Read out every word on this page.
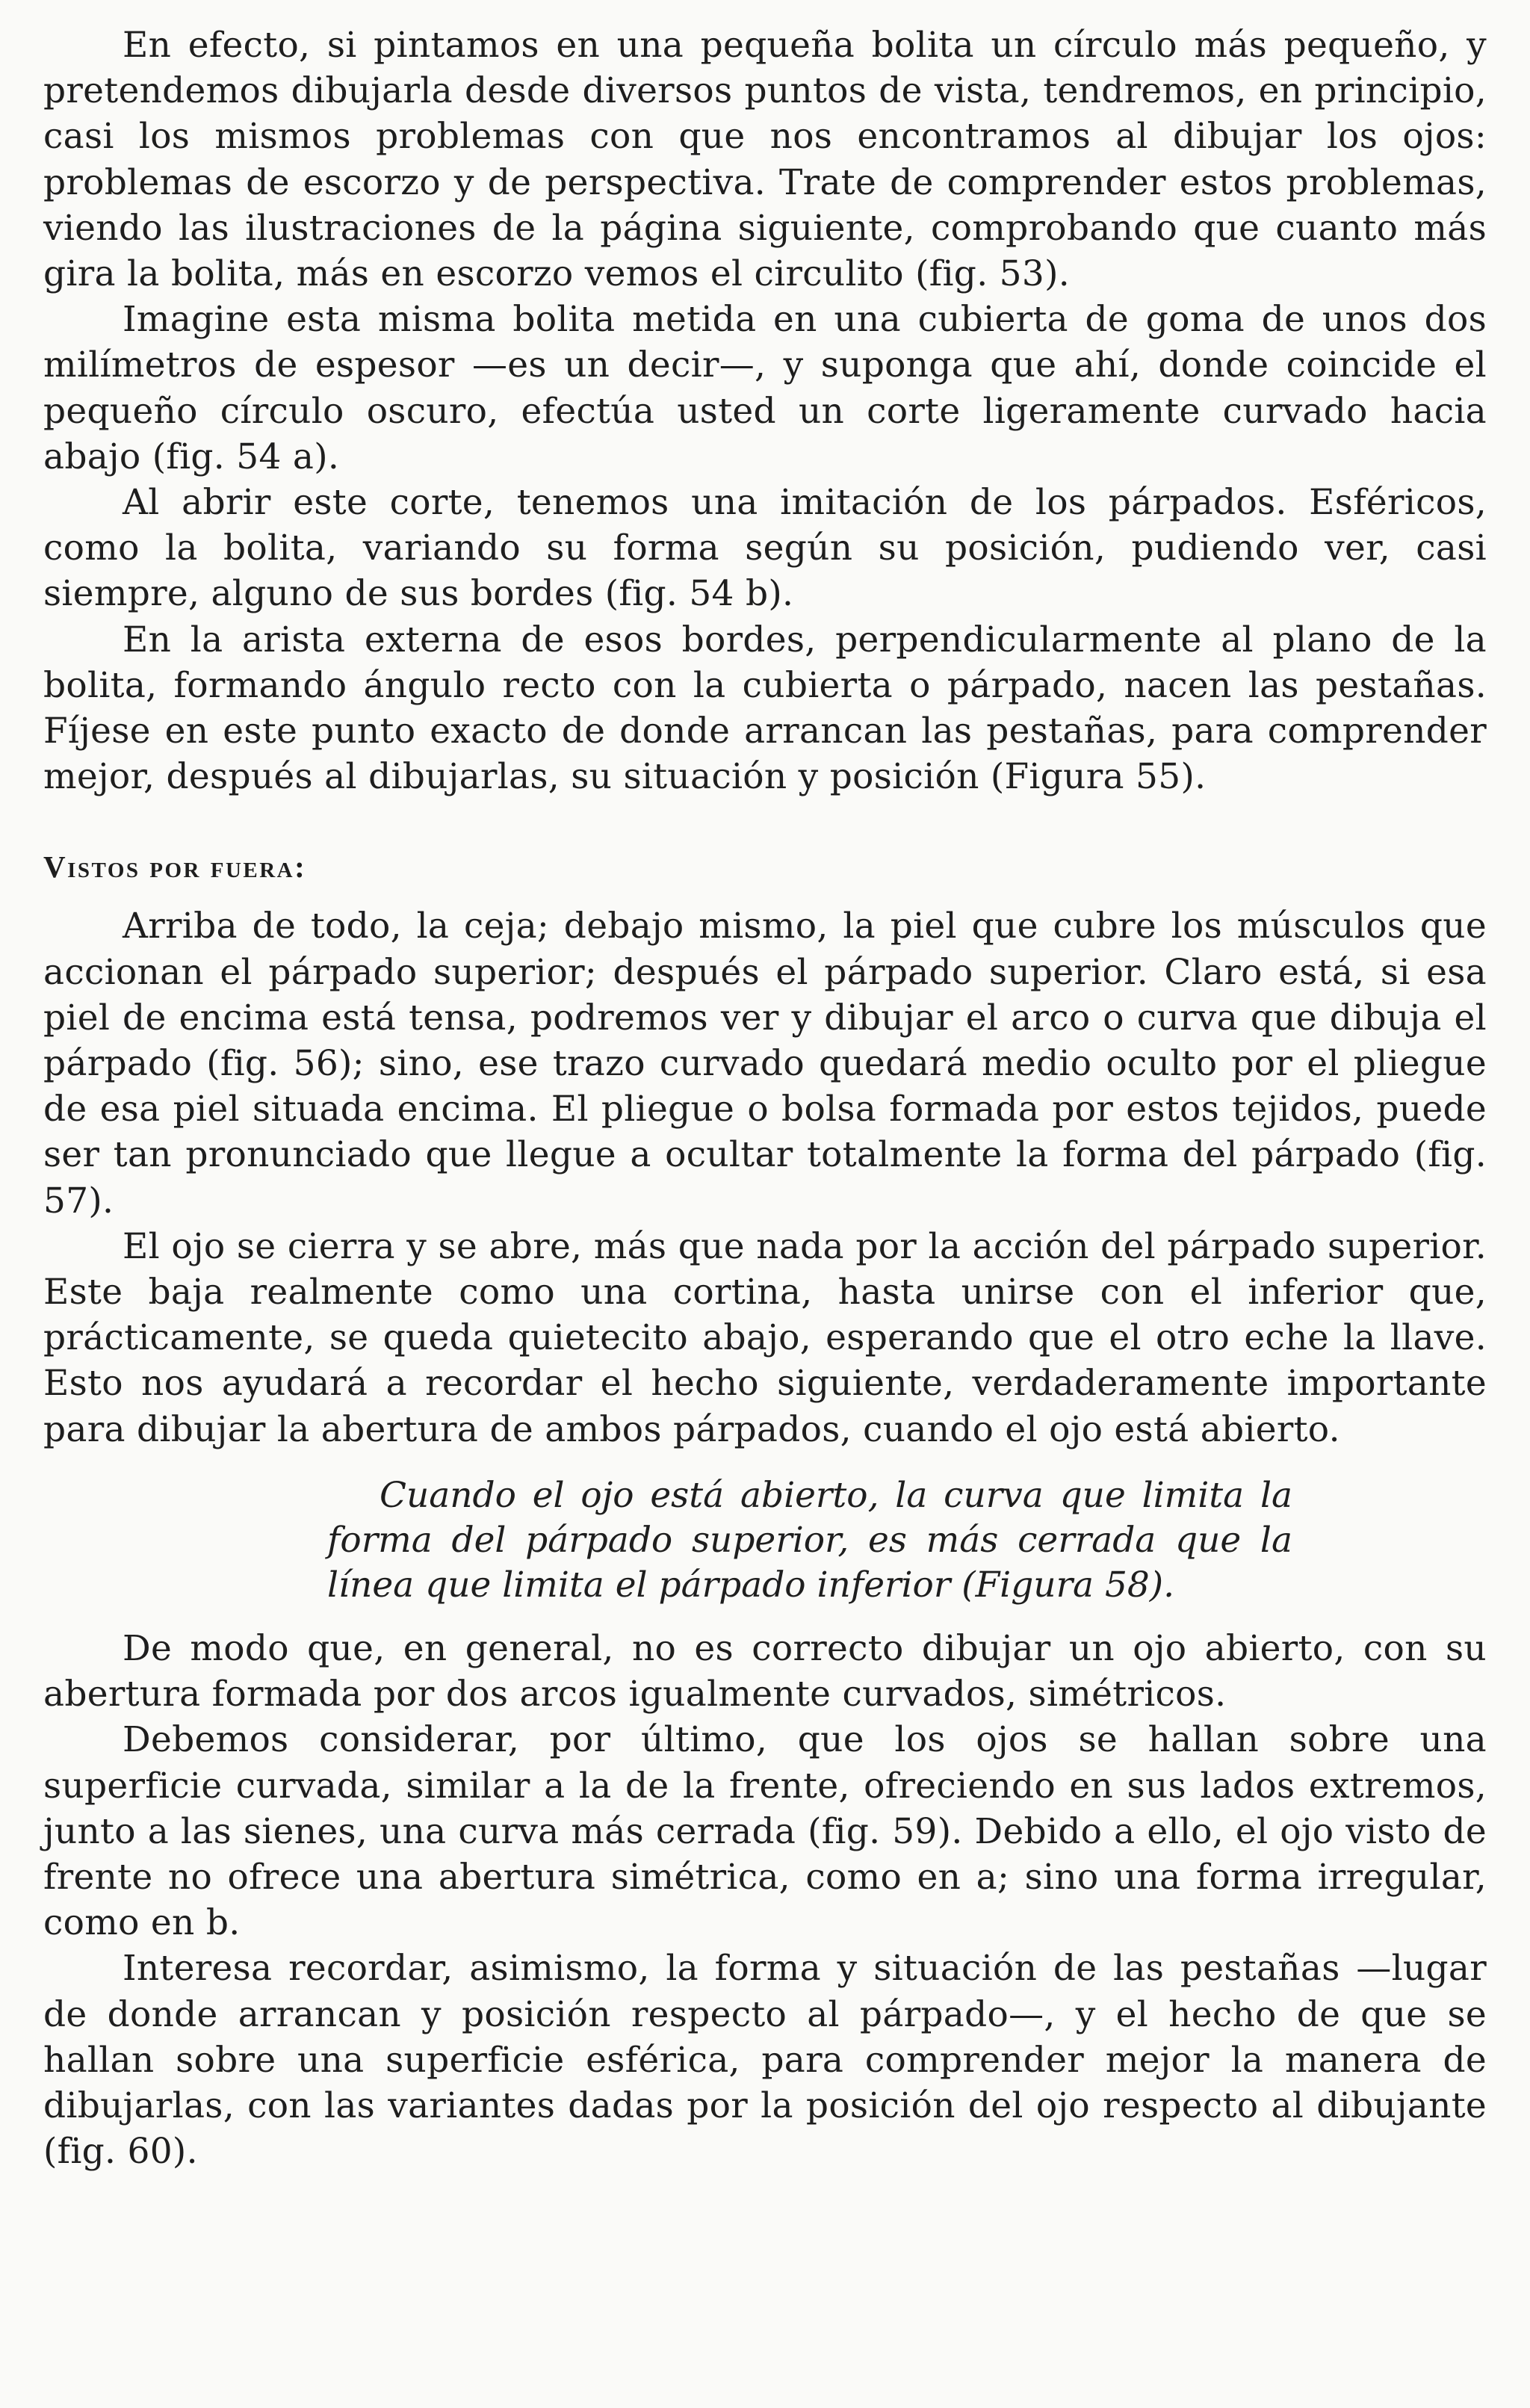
En efecto, si pintamos en una pequeña bolita un círculo más pequeño, y pretendemos dibujarla desde diversos puntos de vista, tendremos, en principio, casi los mismos problemas con que nos encontramos al dibujar los ojos: problemas de escorzo y de perspectiva. Trate de comprender estos problemas, viendo las ilustraciones de la página siguiente, comprobando que cuanto más gira la bolita, más en escorzo vemos el circulito (fig. 53).

Imagine esta misma bolita metida en una cubierta de goma de unos dos milímetros de espesor —es un decir—, y suponga que ahí, donde coincide el pequeño círculo oscuro, efectúa usted un corte ligeramente curvado hacia abajo (fig. 54 a).

Al abrir este corte, tenemos una imitación de los párpados. Esféricos, como la bolita, variando su forma según su posición, pudiendo ver, casi siempre, alguno de sus bordes (fig. 54 b).

En la arista externa de esos bordes, perpendicularmente al plano de la bolita, formando ángulo recto con la cubierta o párpado, nacen las pestañas. Fíjese en este punto exacto de donde arrancan las pestañas, para comprender mejor, después al dibujarlas, su situación y posición (Figura 55).

Vistos por fuera:

Arriba de todo, la ceja; debajo mismo, la piel que cubre los músculos que accionan el párpado superior; después el párpado superior. Claro está, si esa piel de encima está tensa, podremos ver y dibujar el arco o curva que dibuja el párpado (fig. 56); sino, ese trazo curvado quedará medio oculto por el pliegue de esa piel situada encima. El pliegue o bolsa formada por estos tejidos, puede ser tan pronunciado que llegue a ocultar totalmente la forma del párpado (fig. 57).

El ojo se cierra y se abre, más que nada por la acción del párpado superior. Este baja realmente como una cortina, hasta unirse con el inferior que, prácticamente, se queda quietecito abajo, esperando que el otro eche la llave. Esto nos ayudará a recordar el hecho siguiente, verdaderamente importante para dibujar la abertura de ambos párpados, cuando el ojo está abierto.

Cuando el ojo está abierto, la curva que limita la forma del párpado superior, es más cerrada que la línea que limita el párpado inferior (Figura 58).

De modo que, en general, no es correcto dibujar un ojo abierto, con su abertura formada por dos arcos igualmente curvados, simétricos.

Debemos considerar, por último, que los ojos se hallan sobre una superficie curvada, similar a la de la frente, ofreciendo en sus lados extremos, junto a las sienes, una curva más cerrada (fig. 59). Debido a ello, el ojo visto de frente no ofrece una abertura simétrica, como en a; sino una forma irregular, como en b.

Interesa recordar, asimismo, la forma y situación de las pestañas —lugar de donde arrancan y posición respecto al párpado—, y el hecho de que se hallan sobre una superficie esférica, para comprender mejor la manera de dibujarlas, con las variantes dadas por la posición del ojo respecto al dibujante (fig. 60).
